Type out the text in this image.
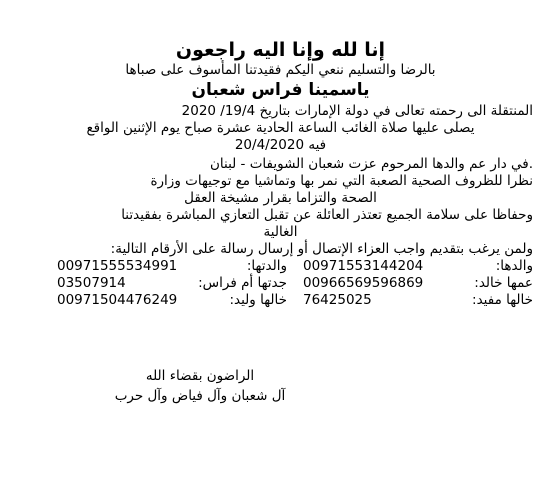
إنا لله وإنا اليه راجعون
بالرضا والتسليم ننعي اليكم فقيدتنا المأسوف على صباها
ياسمينا فراس شعبان
المنتقلة الى رحمته تعالى في دولة الإمارات بتاريخ 19/4/ 2020
يصلى عليها صلاة الغائب الساعة الحادية عشرة صباح يوم الإثنين الواقع
فيه 20/4/2020
.في دار عم والدها المرحوم عزت شعبان الشويفات - لبنان
نظرا للظروف الصحية الصعبة التي نمر بها وتماشيا مع توجيهات وزارة
الصحة والتزاما بقرار مشيخة العقل
وحفاظا على سلامة الجميع تعتذر العائلة عن تقبل التعازي المباشرة بفقيدتنا
الغالية
ولمن يرغب بتقديم واجب العزاء الإتصال أو إرسال رسالة على الأرقام التالية:
والدها:
00971553144204
والدتها:
00971555534991
عمها خالد:
00966569596869
جدتها أم فراس:
03507914
خالها مفيد:
76425025
خالها وليد:
00971504476249
الراضون بقضاء الله
آل شعبان وآل فياض وآل حرب
